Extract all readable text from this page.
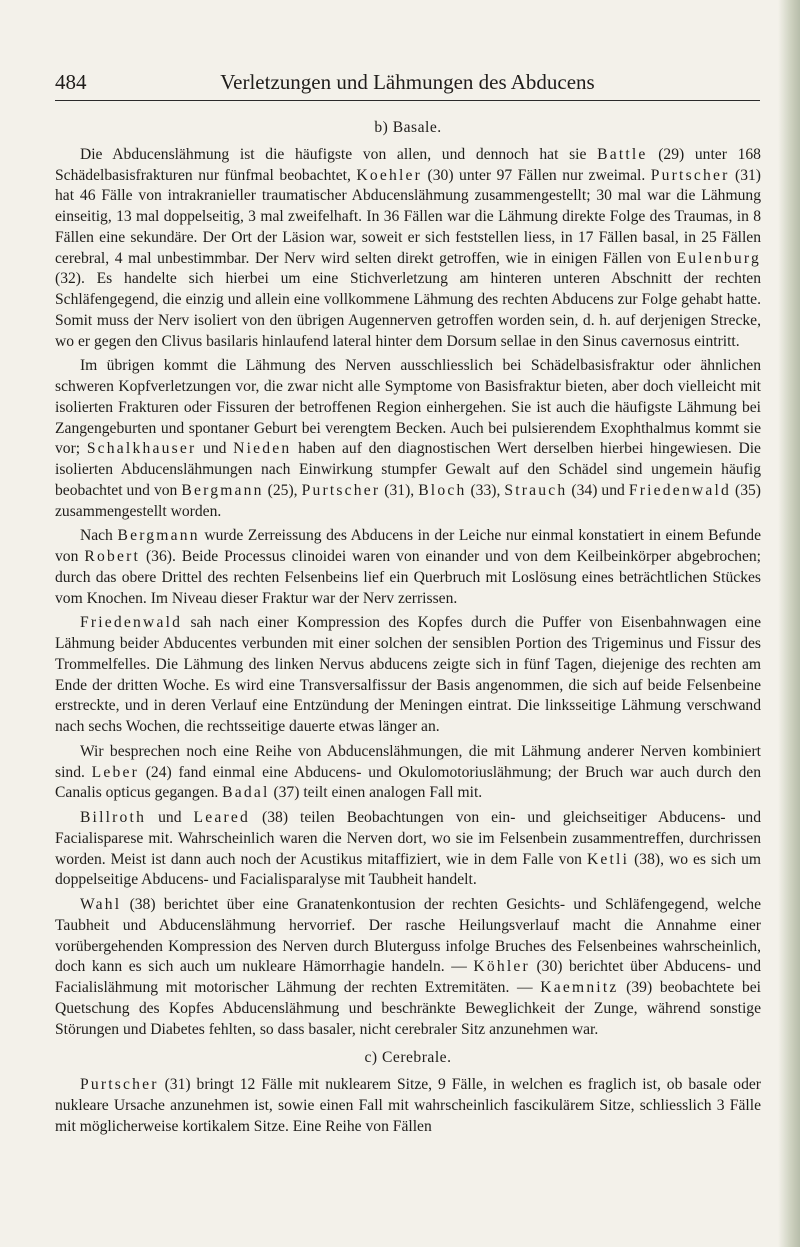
484	Verletzungen und Lähmungen des Abducens
b) Basale.

Die Abducenslähmung ist die häufigste von allen, und dennoch hat sie Battle (29) unter 168 Schädelbasisfrakturen nur fünfmal beobachtet, Koehler (30) unter 97 Fällen nur zweimal. Purtscher (31) hat 46 Fälle von intrakranieller traumatischer Abducenslähmung zusammengestellt; 30 mal war die Lähmung einseitig, 13 mal doppelseitig, 3 mal zweifelhaft. In 36 Fällen war die Lähmung direkte Folge des Traumas, in 8 Fällen eine sekundäre. Der Ort der Läsion war, soweit er sich feststellen liess, in 17 Fällen basal, in 25 Fällen cerebral, 4 mal unbestimmbar. Der Nerv wird selten direkt getroffen, wie in einigen Fällen von Eulenburg (32). Es handelte sich hierbei um eine Stichverletzung am hinteren unteren Abschnitt der rechten Schläfengegend, die einzig und allein eine vollkommene Lähmung des rechten Abducens zur Folge gehabt hatte. Somit muss der Nerv isoliert von den übrigen Augennerven getroffen worden sein, d. h. auf derjenigen Strecke, wo er gegen den Clivus basilaris hinlaufend lateral hinter dem Dorsum sellae in den Sinus cavernosus eintritt.

Im übrigen kommt die Lähmung des Nerven ausschliesslich bei Schädelbasisfraktur oder ähnlichen schweren Kopfverletzungen vor, die zwar nicht alle Symptome von Basisfraktur bieten, aber doch vielleicht mit isolierten Frakturen oder Fissuren der betroffenen Region einhergehen. Sie ist auch die häufigste Lähmung bei Zangengeburten und spontaner Geburt bei verengtem Becken. Auch bei pulsierendem Exophthalmus kommt sie vor; Schalkhauser und Nieden haben auf den diagnostischen Wert derselben hierbei hingewiesen. Die isolierten Abducenslähmungen nach Einwirkung stumpfer Gewalt auf den Schädel sind ungemein häufig beobachtet und von Bergmann (25), Purtscher (31), Bloch (33), Strauch (34) und Friedenwald (35) zusammengestellt worden.

Nach Bergmann wurde Zerreissung des Abducens in der Leiche nur einmal konstatiert in einem Befunde von Robert (36). Beide Processus clinoidei waren von einander und von dem Keilbeinkörper abgebrochen; durch das obere Drittel des rechten Felsenbeins lief ein Querbruch mit Loslösung eines beträchtlichen Stückes vom Knochen. Im Niveau dieser Fraktur war der Nerv zerrissen.

Friedenwald sah nach einer Kompression des Kopfes durch die Puffer von Eisenbahnwagen eine Lähmung beider Abducentes verbunden mit einer solchen der sensiblen Portion des Trigeminus und Fissur des Trommelfelles. Die Lähmung des linken Nervus abducens zeigte sich in fünf Tagen, diejenige des rechten am Ende der dritten Woche. Es wird eine Transversalfissur der Basis angenommen, die sich auf beide Felsenbeine erstreckte, und in deren Verlauf eine Entzündung der Meningen eintrat. Die linksseitige Lähmung verschwand nach sechs Wochen, die rechtsseitige dauerte etwas länger an.

Wir besprechen noch eine Reihe von Abducenslähmungen, die mit Lähmung anderer Nerven kombiniert sind. Leber (24) fand einmal eine Abducens- und Okulomotoriuslähmung; der Bruch war auch durch den Canalis opticus gegangen. Badal (37) teilt einen analogen Fall mit.

Billroth und Leared (38) teilen Beobachtungen von ein- und gleichseitiger Abducens- und Facialisparese mit. Wahrscheinlich waren die Nerven dort, wo sie im Felsenbein zusammentreffen, durchrissen worden. Meist ist dann auch noch der Acustikus mitaffiziert, wie in dem Falle von Ketli (38), wo es sich um doppelseitige Abducens- und Facialisparalyse mit Taubheit handelt.

Wahl (38) berichtet über eine Granatenkontusion der rechten Gesichts- und Schläfengegend, welche Taubheit und Abducenslähmung hervorrief. Der rasche Heilungsverlauf macht die Annahme einer vorübergehenden Kompression des Nerven durch Bluterguss infolge Bruches des Felsenbeines wahrscheinlich, doch kann es sich auch um nukleare Hämorrhagie handeln. — Köhler (30) berichtet über Abducens- und Facialislähmung mit motorischer Lähmung der rechten Extremitäten. — Kaemnitz (39) beobachtete bei Quetschung des Kopfes Abducenslähmung und beschränkte Beweglichkeit der Zunge, während sonstige Störungen und Diabetes fehlten, so dass basaler, nicht cerebraler Sitz anzunehmen war.

c) Cerebrale.

Purtscher (31) bringt 12 Fälle mit nuklearem Sitze, 9 Fälle, in welchen es fraglich ist, ob basale oder nukleare Ursache anzunehmen ist, sowie einen Fall mit wahrscheinlich fascikulärem Sitze, schliesslich 3 Fälle mit möglicherweise kortikalem Sitze. Eine Reihe von Fällen
